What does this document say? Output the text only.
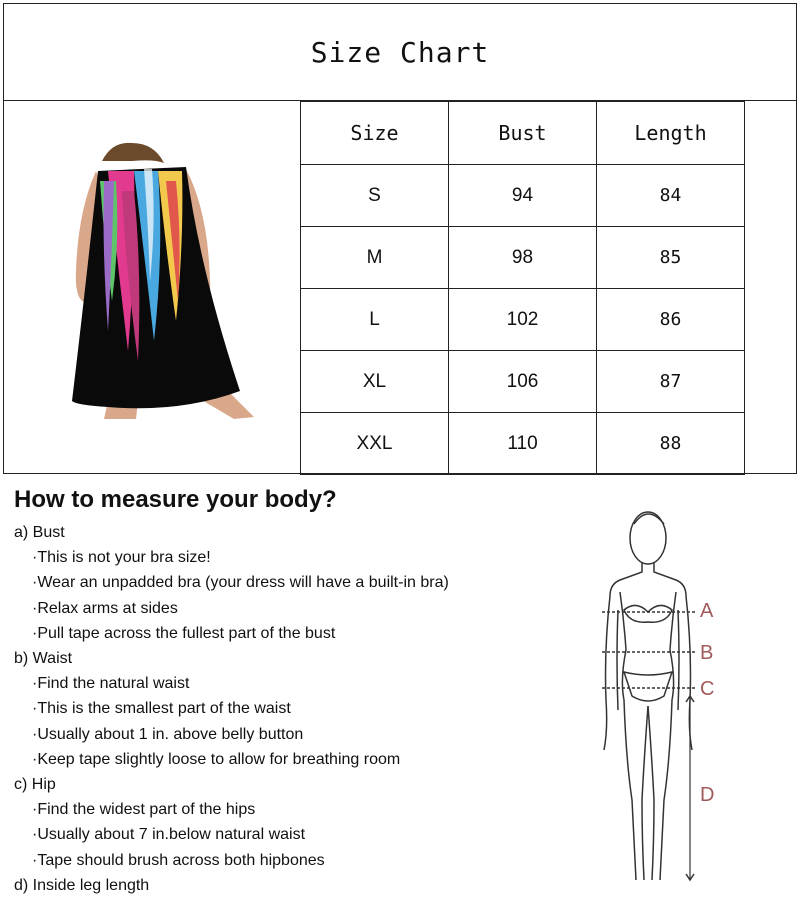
Size Chart
Size	Bust	Length
S	94	84
M	98	85
L	102	86
XL	106	87
XXL	110	88
How to measure your body?

a) Bust

·This is not your bra size!

·Wear an unpadded bra (your dress will have a built-in bra)

·Relax arms at sides

·Pull tape across the fullest part of the bust

b) Waist

·Find the natural waist

·This is the smallest part of the waist

·Usually about 1 in. above belly button

·Keep tape slightly loose to allow for breathing room

c) Hip

·Find the widest part of the hips

·Usually about 7 in.below natural waist

·Tape should brush across both hipbones

d) Inside leg length

A
B
C
D
